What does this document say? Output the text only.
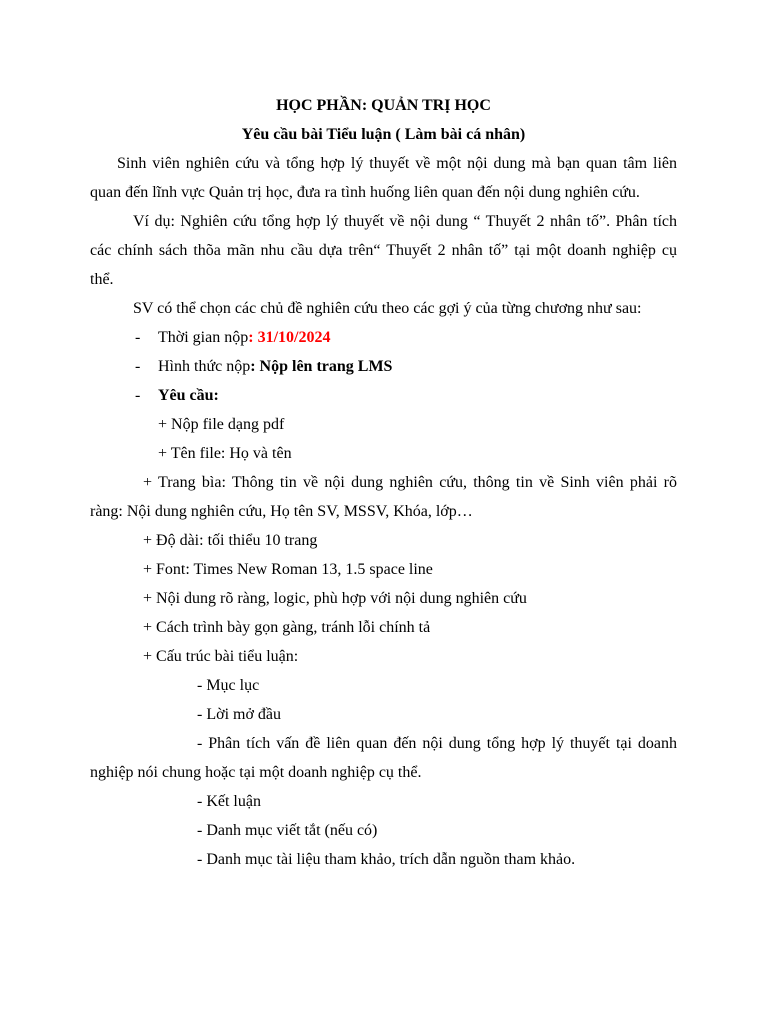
HỌC PHẦN: QUẢN TRỊ HỌC
Yêu cầu bài Tiểu luận ( Làm bài cá nhân)
Sinh viên nghiên cứu và tổng hợp lý thuyết về một nội dung mà bạn quan tâm liên
quan đến lĩnh vực Quản trị học, đưa ra tình huống liên quan đến nội dung nghiên cứu.
Ví dụ: Nghiên cứu tổng hợp lý thuyết về nội dung “ Thuyết 2 nhân tố”. Phân tích
các chính sách thõa mãn nhu cầu dựa trên“ Thuyết 2 nhân tố” tại một doanh nghiệp cụ
thể.
SV có thể chọn các chủ đề nghiên cứu theo các gợi ý của từng chương như sau:
- Thời gian nộp: 31/10/2024
- Hình thức nộp: Nộp lên trang LMS
- Yêu cầu:
+ Nộp file dạng pdf
+ Tên file: Họ và tên
+ Trang bìa: Thông tin về nội dung nghiên cứu, thông tin về Sinh viên phải rõ
ràng: Nội dung nghiên cứu, Họ tên SV, MSSV, Khóa, lớp…
+ Độ dài: tối thiểu 10 trang
+ Font: Times New Roman 13, 1.5 space line
+ Nội dung rõ ràng, logic, phù hợp với nội dung nghiên cứu
+ Cách trình bày gọn gàng, tránh lỗi chính tả
+ Cấu trúc bài tiểu luận:
- Mục lục
- Lời mở đầu
- Phân tích vấn đề liên quan đến nội dung tổng hợp lý thuyết tại doanh
nghiệp nói chung hoặc tại một doanh nghiệp cụ thể.
- Kết luận
- Danh mục viết tắt (nếu có)
- Danh mục tài liệu tham khảo, trích dẫn nguồn tham khảo.
